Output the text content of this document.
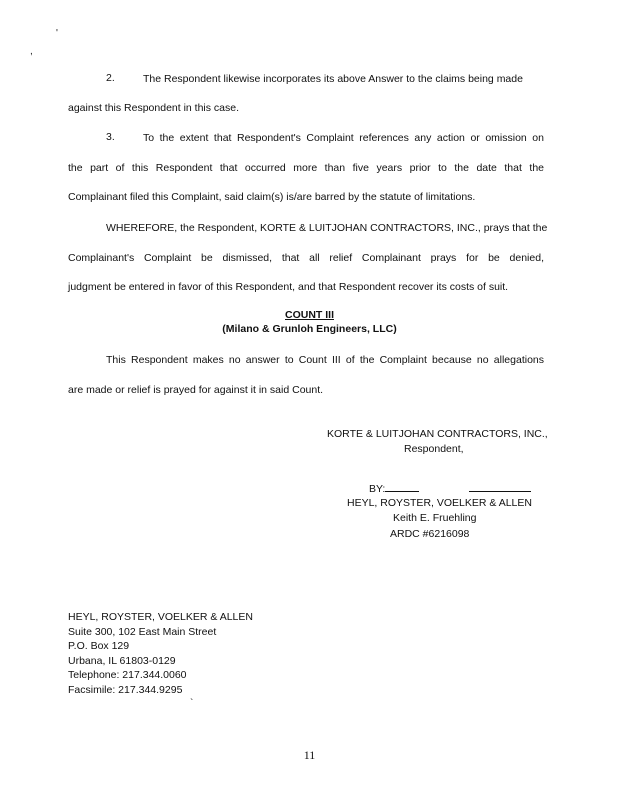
'
,
2.	The Respondent likewise incorporates its above Answer to the claims being made
against this Respondent in this case.
3.	To the extent that Respondent's Complaint references any action or omission on
the part of this Respondent that occurred more than five years prior to the date that the
Complainant filed this Complaint, said claim(s) is/are barred by the statute of limitations.
WHEREFORE, the Respondent, KORTE & LUITJOHAN CONTRACTORS, INC., prays that the
Complainant's Complaint be dismissed, that all relief Complainant prays for be denied,
judgment be entered in favor of this Respondent, and that Respondent recover its costs of suit.
COUNT III
(Milano & Grunloh Engineers, LLC)
This Respondent makes no answer to Count III of the Complaint because no allegations
are made or relief is prayed for against it in said Count.
KORTE & LUITJOHAN CONTRACTORS, INC.,
Respondent,
BY:
HEYL, ROYSTER, VOELKER & ALLEN
Keith E. Fruehling
ARDC #6216098
HEYL, ROYSTER, VOELKER & ALLEN
Suite 300, 102 East Main Street
P.O. Box 129
Urbana, IL 61803-0129
Telephone: 217.344.0060
Facsimile: 217.344.9295
`
11
